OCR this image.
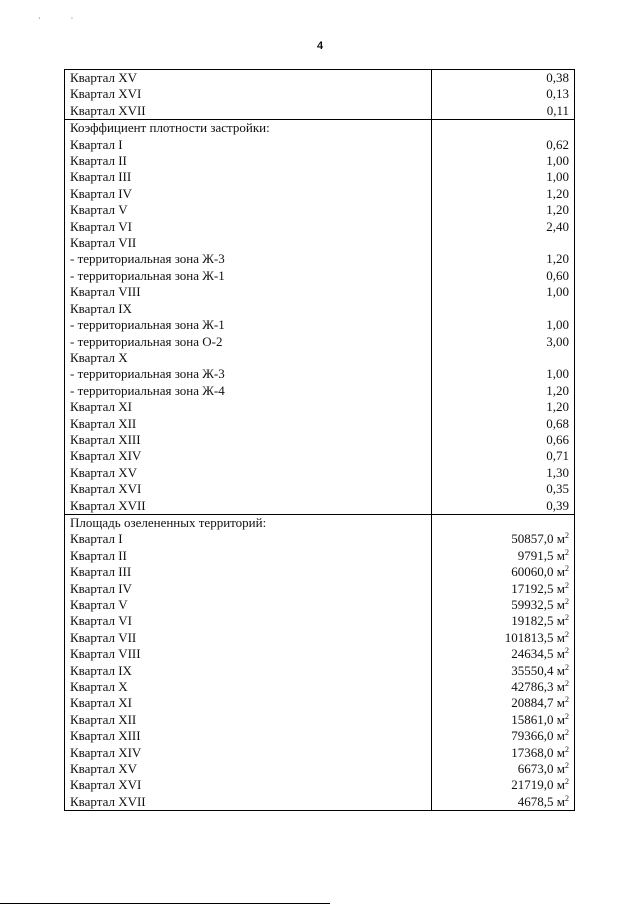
· ·
4
Квартал XV	0,38
Квартал XVI	0,13
Квартал XVII	0,11
Коэффициент плотности застройки:	
Квартал I	0,62
Квартал II	1,00
Квартал III	1,00
Квартал IV	1,20
Квартал V	1,20
Квартал VI	2,40
Квартал VII	
- территориальная зона Ж-3	1,20
- территориальная зона Ж-1	0,60
Квартал VIII	1,00
Квартал IX	
- территориальная зона Ж-1	1,00
- территориальная зона О-2	3,00
Квартал X	
- территориальная зона Ж-3	1,00
- территориальная зона Ж-4	1,20
Квартал XI	1,20
Квартал XII	0,68
Квартал XIII	0,66
Квартал XIV	0,71
Квартал XV	1,30
Квартал XVI	0,35
Квартал XVII	0,39
Площадь озелененных территорий:	
Квартал I	50857,0 $м^2$
Квартал II	9791,5 $м^2$
Квартал III	60060,0 $м^2$
Квартал IV	17192,5 $м^2$
Квартал V	59932,5 $м^2$
Квартал VI	19182,5 $м^2$
Квартал VII	101813,5 $м^2$
Квартал VIII	24634,5 $м^2$
Квартал IX	35550,4 $м^2$
Квартал X	42786,3 $м^2$
Квартал XI	20884,7 $м^2$
Квартал XII	15861,0 $м^2$
Квартал XIII	79366,0 $м^2$
Квартал XIV	17368,0 $м^2$
Квартал XV	6673,0 $м^2$
Квартал XVI	21719,0 $м^2$
Квартал XVII	4678,5 $м^2$
